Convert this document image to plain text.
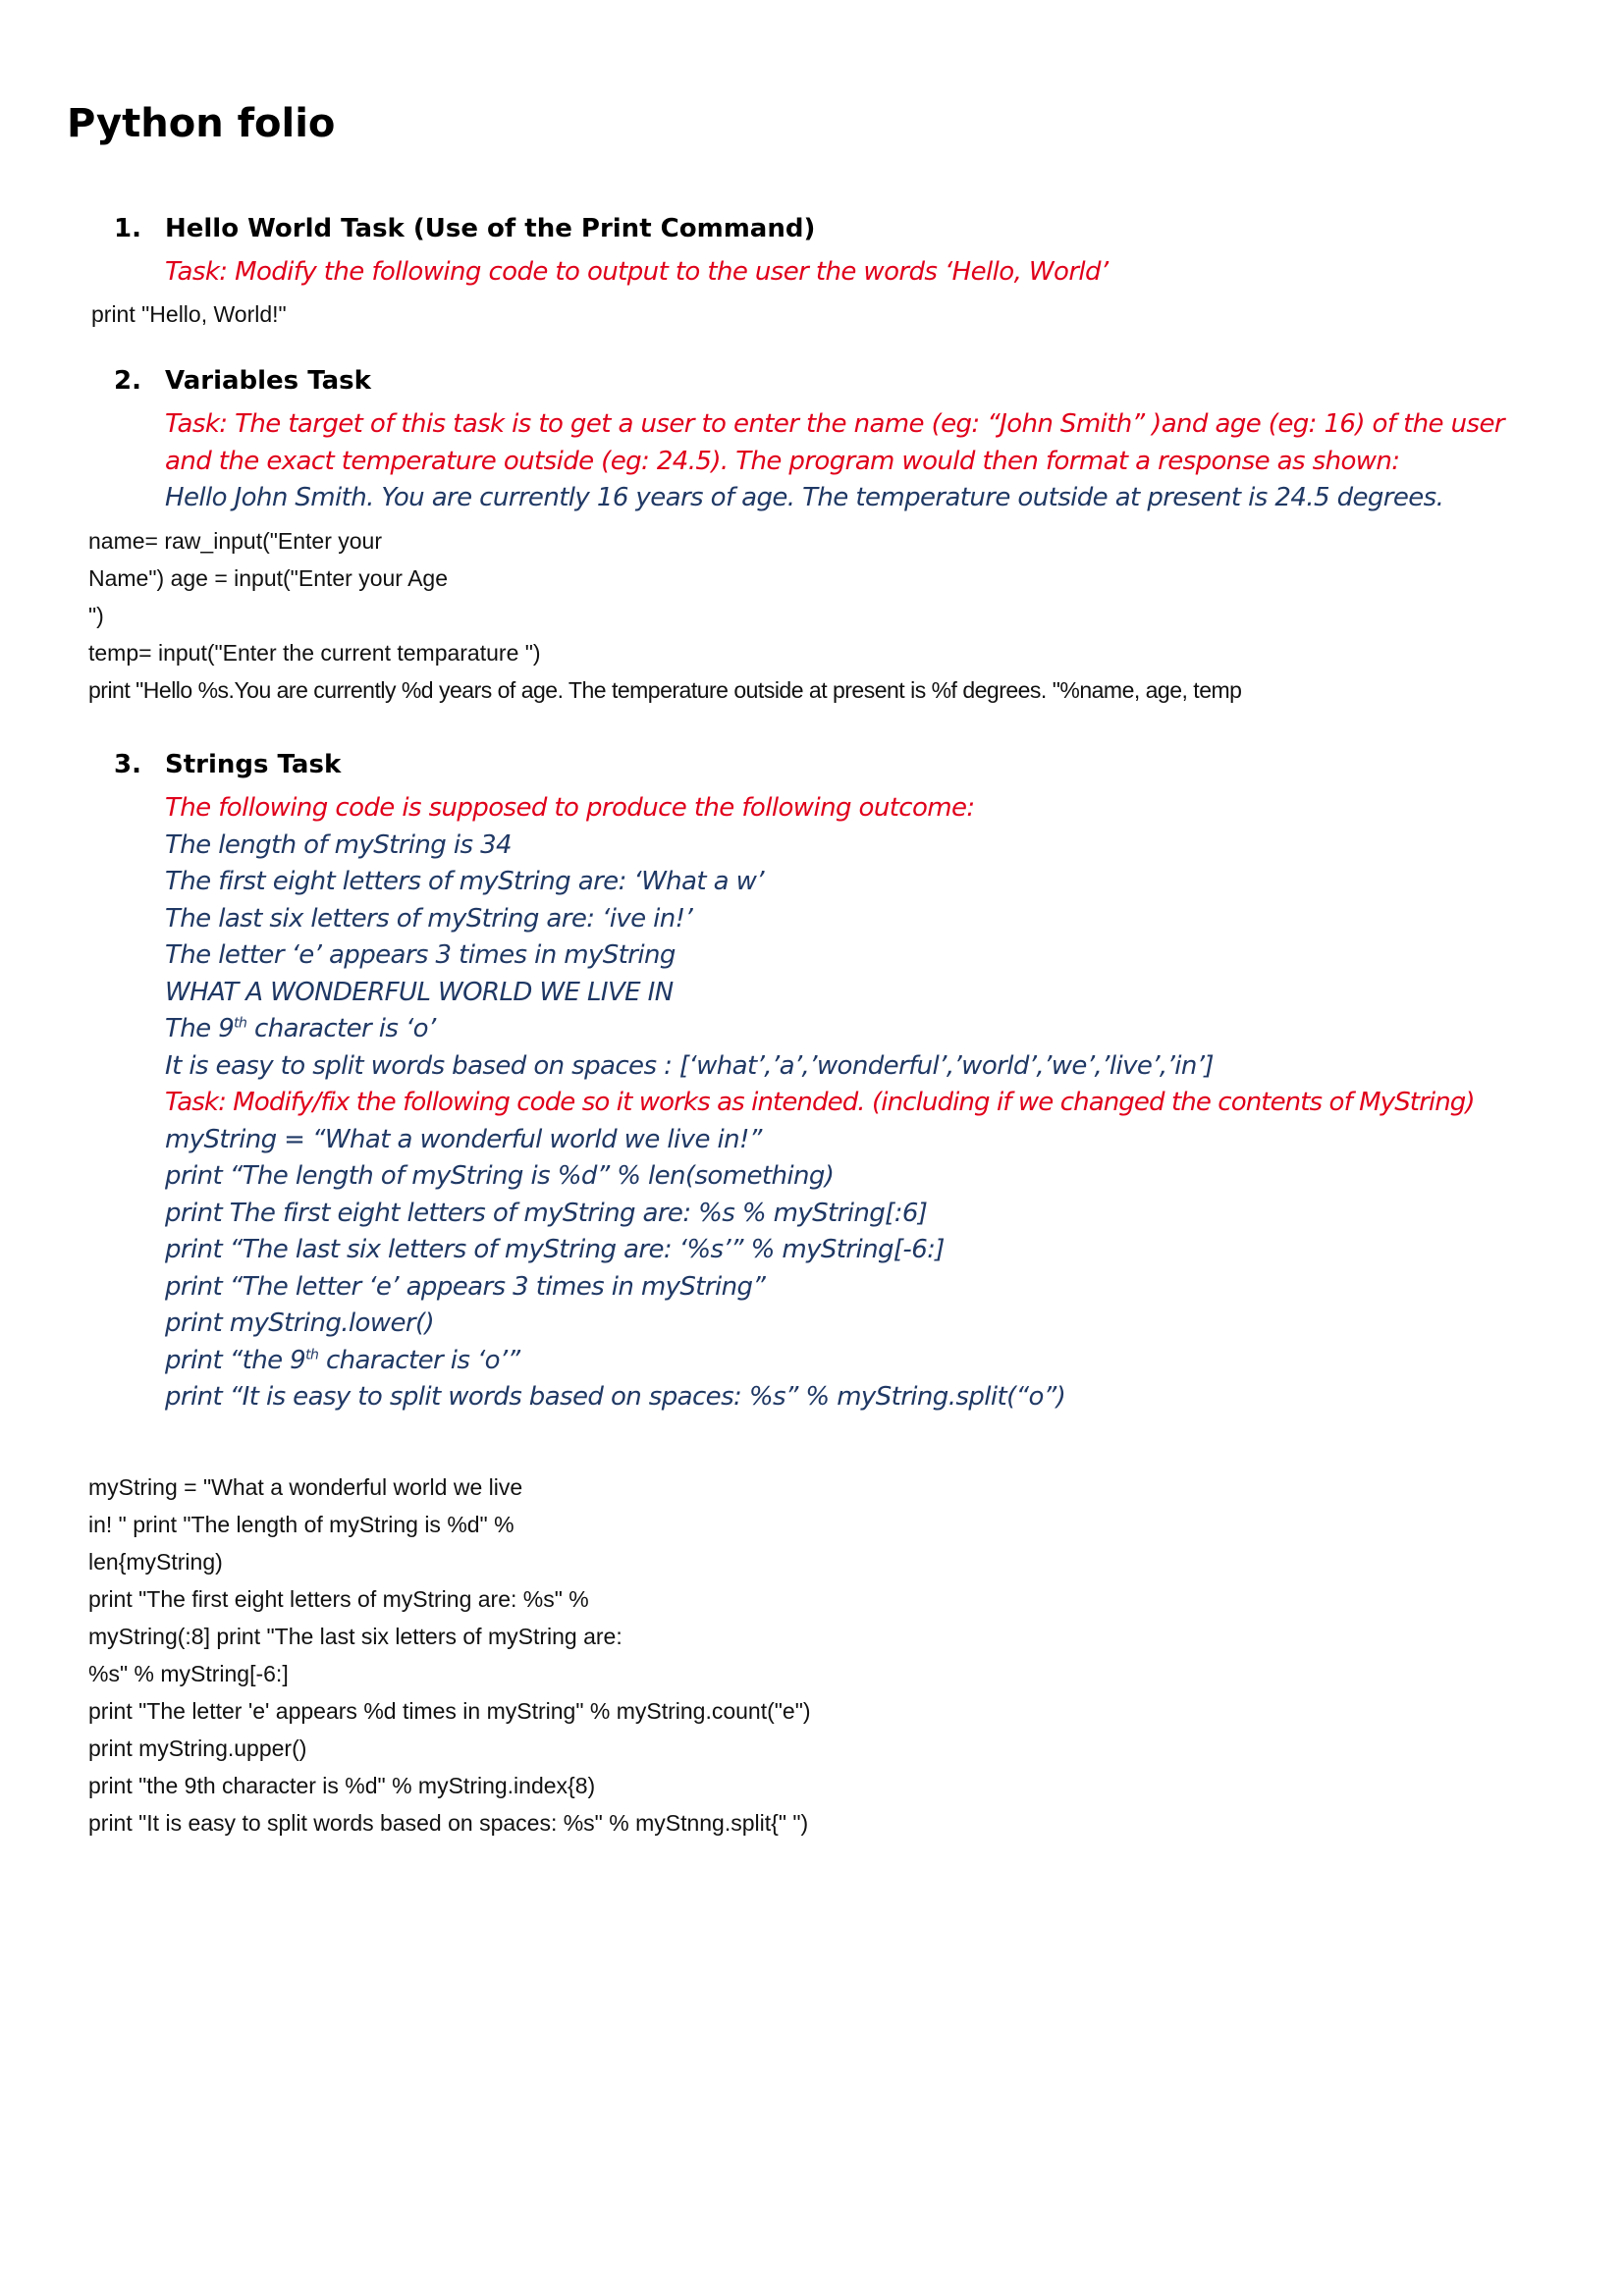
Python folio
1. Hello World Task (Use of the Print Command)
Task: Modify the following code to output to the user the words ‘Hello, World’
print "Hello, World!"
2. Variables Task
Task: The target of this task is to get a user to enter the name (eg: “John Smith” )and age (eg: 16) of the user
and the exact temperature outside (eg: 24.5). The program would then format a response as shown:
Hello John Smith. You are currently 16 years of age. The temperature outside at present is 24.5 degrees.
name= raw_input("Enter your
Name") age = input("Enter your Age
")
temp= input("Enter the current temparature ")
print "Hello %s.You are currently %d years of age. The temperature outside at present is %f degrees. "%name, age, temp
3. Strings Task
The following code is supposed to produce the following outcome:
The length of myString is 34
The first eight letters of myString are: ‘What a w’
The last six letters of myString are: ‘ive in!’
The letter ‘e’ appears 3 times in myString
WHAT A WONDERFUL WORLD WE LIVE IN
The 9th character is ‘o’
It is easy to split words based on spaces : [‘what’,’a’,’wonderful’,’world’,’we’,’live’,’in’]
Task: Modify/fix the following code so it works as intended. (including if we changed the contents of MyString)
myString = “What a wonderful world we live in!”
print “The length of myString is %d” % len(something)
print The first eight letters of myString are: %s % myString[:6]
print “The last six letters of myString are: ‘%s’” % myString[-6:]
print “The letter ‘e’ appears 3 times in myString”
print myString.lower()
print “the 9th character is ‘o’”
print “It is easy to split words based on spaces: %s” % myString.split(“o”)
myString = "What a wonderful world we live
in! " print "The length of myString is %d" %
len{myString)
print "The first eight letters of myString are: %s" %
myString(:8] print "The last six letters of myString are:
%s" % myString[-6:]
print "The letter 'e' appears %d times in myString" % myString.count("e")
print myString.upper()
print "the 9th character is %d" % myString.index{8)
print "It is easy to split words based on spaces: %s" % myStnng.split{" ")
